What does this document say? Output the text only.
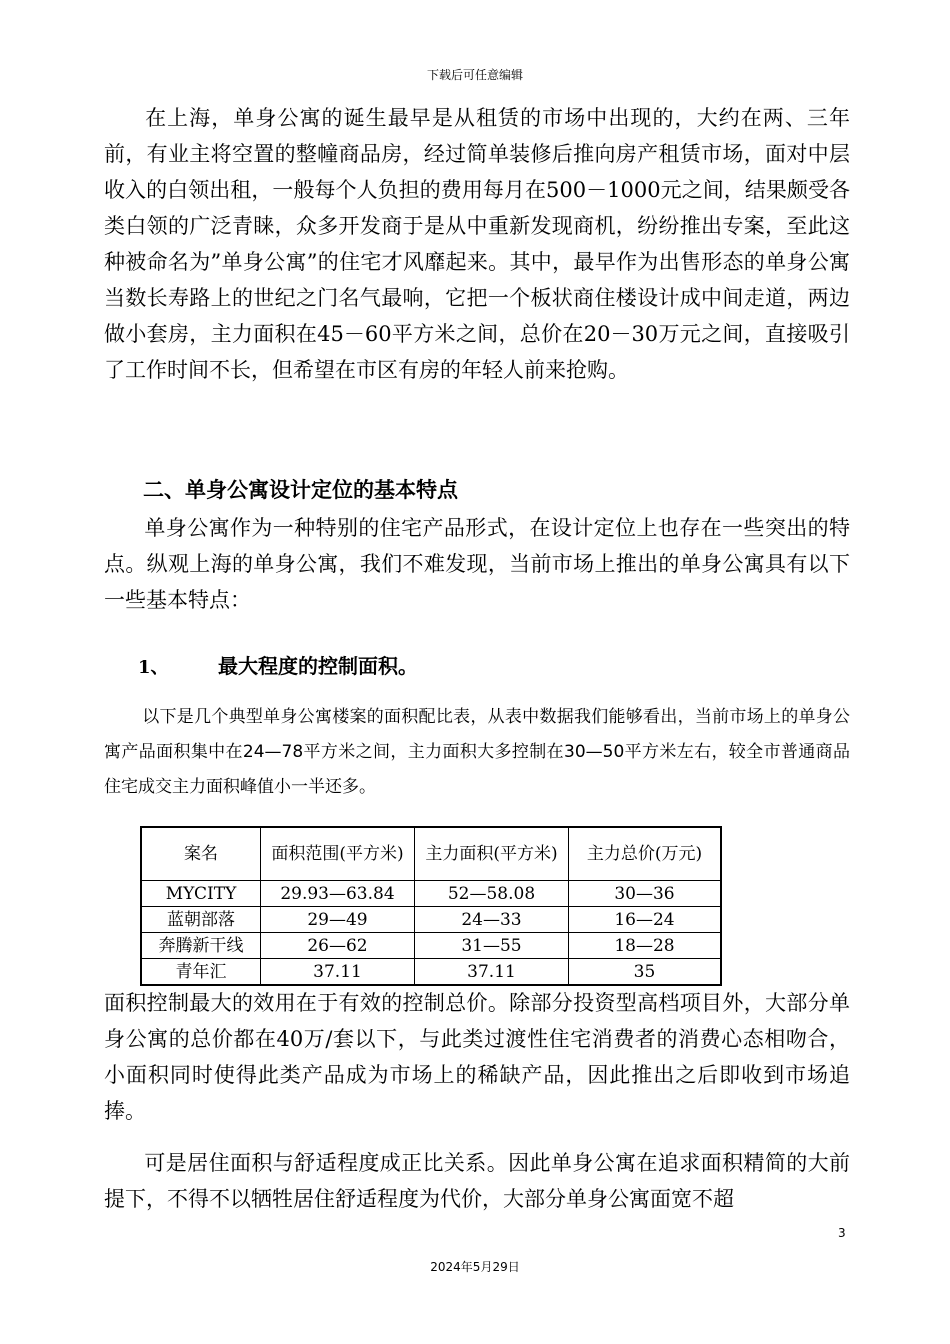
下载后可任意编辑

在上海，单身公寓的诞生最早是从租赁的市场中出现的，大约在两、三年前，有业主将空置的整幢商品房，经过简单装修后推向房产租赁市场，面对中层收入的白领出租，一般每个人负担的费用每月在500－1000元之间，结果颇受各类白领的广泛青睐，众多开发商于是从中重新发现商机，纷纷推出专案，至此这种被命名为”单身公寓”的住宅才风靡起来。其中，最早作为出售形态的单身公寓当数长寿路上的世纪之门名气最响，它把一个板状商住楼设计成中间走道，两边做小套房，主力面积在45－60平方米之间，总价在20－30万元之间，直接吸引了工作时间不长，但希望在市区有房的年轻人前来抢购。

二、单身公寓设计定位的基本特点

单身公寓作为一种特别的住宅产品形式，在设计定位上也存在一些突出的特点。纵观上海的单身公寓，我们不难发现，当前市场上推出的单身公寓具有以下一些基本特点：

1、 最大程度的控制面积。

以下是几个典型单身公寓楼案的面积配比表，从表中数据我们能够看出，当前市场上的单身公寓产品面积集中在24—78平方米之间，主力面积大多控制在30—50平方米左右，较全市普通商品住宅成交主力面积峰值小一半还多。

案名	面积范围(平方米)	主力面积(平方米)	主力总价(万元)
MYCITY	29.93—63.84	52—58.08	30—36
蓝朝部落	29—49	24—33	16—24
奔腾新干线	26—62	31—55	18—28
青年汇	37.11	37.11	35

面积控制最大的效用在于有效的控制总价。除部分投资型高档项目外，大部分单身公寓的总价都在40万/套以下，与此类过渡性住宅消费者的消费心态相吻合，小面积同时使得此类产品成为市场上的稀缺产品，因此推出之后即收到市场追捧。

可是居住面积与舒适程度成正比关系。因此单身公寓在追求面积精简的大前提下，不得不以牺牲居住舒适程度为代价，大部分单身公寓面宽不超

3
2024年5月29日
